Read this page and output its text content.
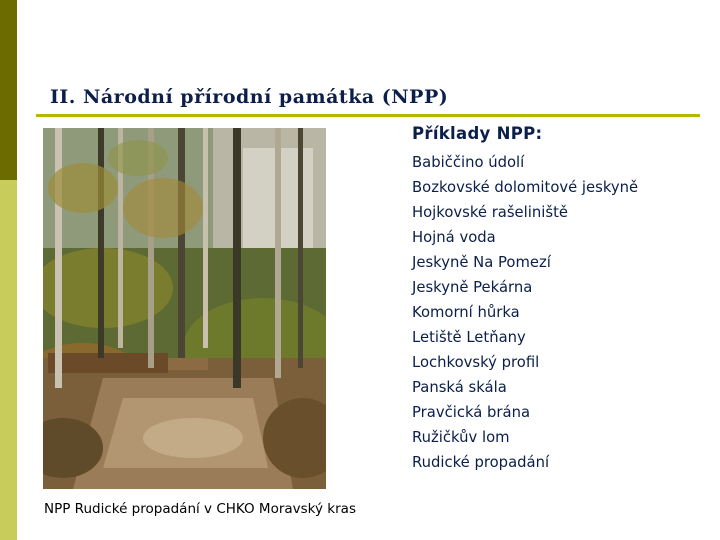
II. Národní přírodní památka (NPP)

NPP Rudické propadání v CHKO Moravský kras

Příklady NPP:
Babiččino údolí
Bozkovské dolomitové jeskyně
Hojkovské rašeliniště
Hojná voda
Jeskyně Na Pomezí
Jeskyně Pekárna
Komorní hůrka
Letiště Letňany
Lochkovský profil
Panská skála
Pravčická brána
Ružičkův lom
Rudické propadání
